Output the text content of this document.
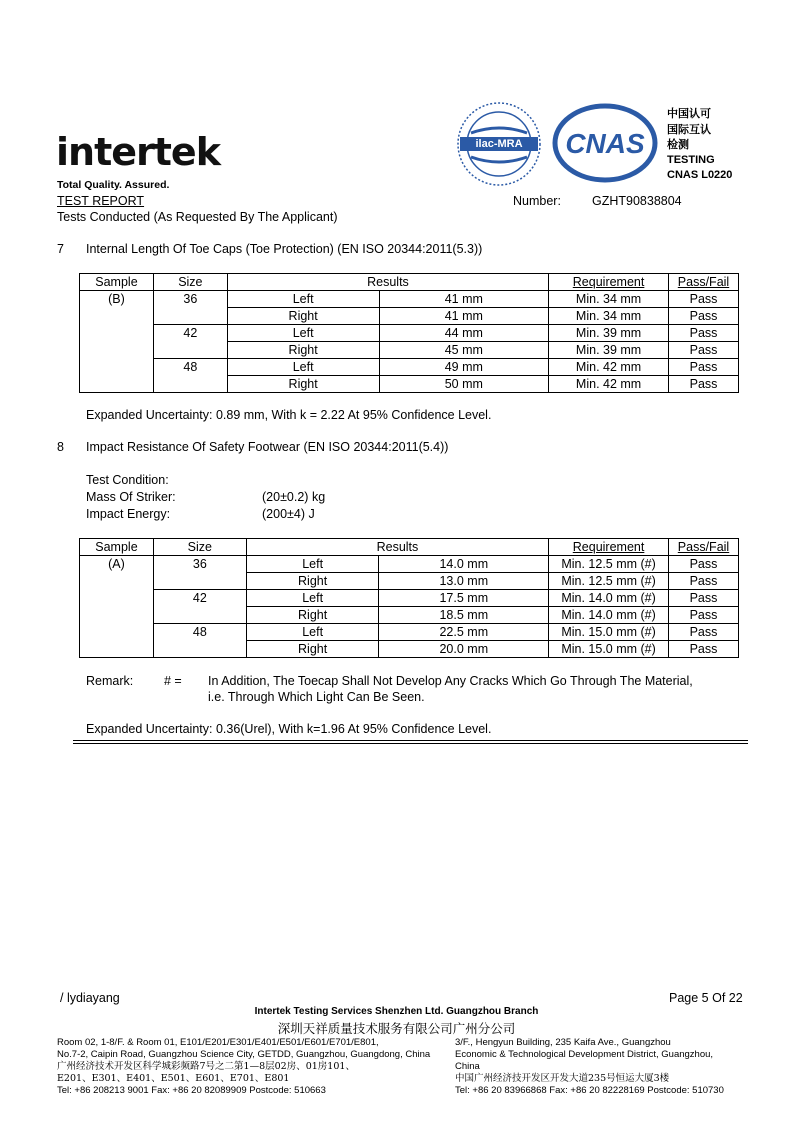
intertek
Total Quality. Assured.
TEST REPORT
Tests Conducted (As Requested By The Applicant)
ilac-MRA	CNAS
中国认可
国际互认
检测
TESTING
CNAS L0220
Number: GZHT90838804
7 Internal Length Of Toe Caps (Toe Protection) (EN ISO 20344:2011(5.3))
Sample	Size	Results		Requirement	Pass/Fail
(B)	36	Left	41 mm	Min. 34 mm	Pass
		Right	41 mm	Min. 34 mm	Pass
	42	Left	44 mm	Min. 39 mm	Pass
		Right	45 mm	Min. 39 mm	Pass
	48	Left	49 mm	Min. 42 mm	Pass
		Right	50 mm	Min. 42 mm	Pass
Expanded Uncertainty: 0.89 mm, With k = 2.22 At 95% Confidence Level.
8 Impact Resistance Of Safety Footwear (EN ISO 20344:2011(5.4))
Test Condition:
Mass Of Striker:	(20±0.2) kg
Impact Energy:	(200±4) J
Sample	Size	Results		Requirement	Pass/Fail
(A)	36	Left	14.0 mm	Min. 12.5 mm (#)	Pass
		Right	13.0 mm	Min. 12.5 mm (#)	Pass
	42	Left	17.5 mm	Min. 14.0 mm (#)	Pass
		Right	18.5 mm	Min. 14.0 mm (#)	Pass
	48	Left	22.5 mm	Min. 15.0 mm (#)	Pass
		Right	20.0 mm	Min. 15.0 mm (#)	Pass
Remark: # = In Addition, The Toecap Shall Not Develop Any Cracks Which Go Through The Material,
i.e. Through Which Light Can Be Seen.
Expanded Uncertainty: 0.36(Urel), With k=1.96 At 95% Confidence Level.
/ lydiayang	Page 5 Of 22
Intertek Testing Services Shenzhen Ltd. Guangzhou Branch
深圳天祥质量技术服务有限公司广州分公司
Room 02, 1-8/F. & Room 01, E101/E201/E301/E401/E501/E601/E701/E801,
No.7-2, Caipin Road, Guangzhou Science City, GETDD, Guangzhou, Guangdong, China
广州经济技术开发区科学城彩频路7号之二第1—8层02房、01房101、
E201、E301、E401、E501、E601、E701、E801
Tel: +86 208213 9001 Fax: +86 20 82089909 Postcode: 510663
3/F., Hengyun Building, 235 Kaifa Ave., Guangzhou
Economic & Technological Development District, Guangzhou,
China
中国广州经济技开发区开发大道235号恒运大厦3楼
Tel: +86 20 83966868 Fax: +86 20 82228169 Postcode: 510730
